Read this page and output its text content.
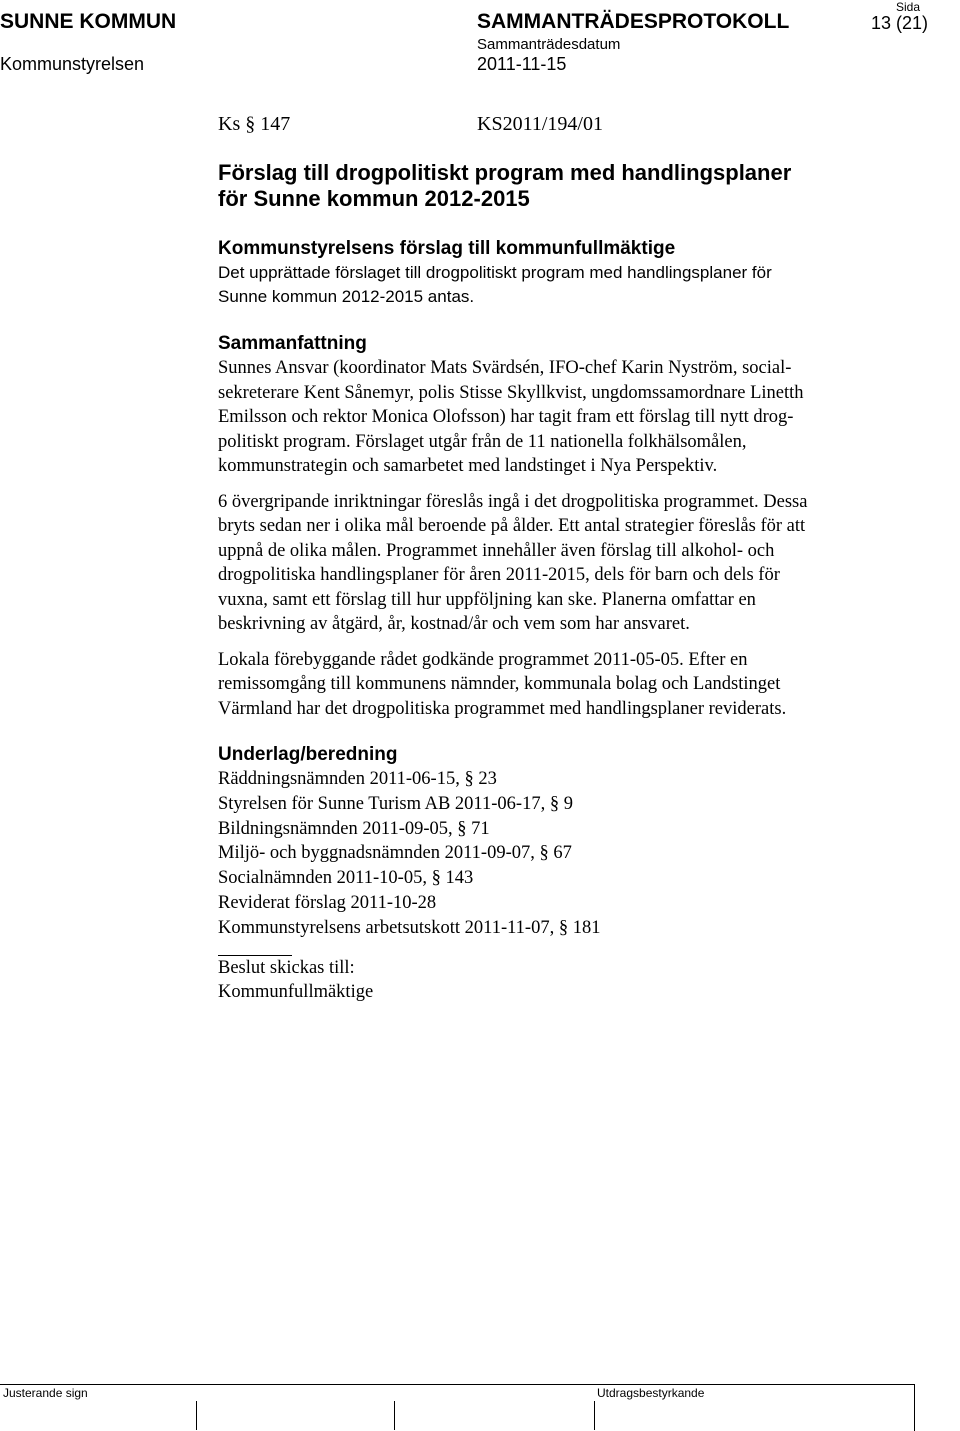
SUNNE KOMMUN
Kommunstyrelsen
SAMMANTRÄDESPROTOKOLL
Sammanträdesdatum
2011-11-15
Sida
13 (21)
Ks § 147	KS2011/194/01
Förslag till drogpolitiskt program med handlingsplaner
för Sunne kommun 2012-2015
Kommunstyrelsens förslag till kommunfullmäktige
Det upprättade förslaget till drogpolitiskt program med handlingsplaner för
Sunne kommun 2012-2015 antas.
Sammanfattning
Sunnes Ansvar (koordinator Mats Svärdsén, IFO-chef Karin Nyström, social-
sekreterare Kent Sånemyr, polis Stisse Skyllkvist, ungdomssamordnare Linetth
Emilsson och rektor Monica Olofsson) har tagit fram ett förslag till nytt drog-
politiskt program. Förslaget utgår från de 11 nationella folkhälsomålen,
kommunstrategin och samarbetet med landstinget i Nya Perspektiv.
6 övergripande inriktningar föreslås ingå i det drogpolitiska programmet. Dessa
bryts sedan ner i olika mål beroende på ålder. Ett antal strategier föreslås för att
uppnå de olika målen. Programmet innehåller även förslag till alkohol- och
drogpolitiska handlingsplaner för åren 2011-2015, dels för barn och dels för
vuxna, samt ett förslag till hur uppföljning kan ske. Planerna omfattar en
beskrivning av åtgärd, år, kostnad/år och vem som har ansvaret.
Lokala förebyggande rådet godkände programmet 2011-05-05. Efter en
remissomgång till kommunens nämnder, kommunala bolag och Landstinget
Värmland har det drogpolitiska programmet med handlingsplaner reviderats.
Underlag/beredning
Räddningsnämnden 2011-06-15, § 23
Styrelsen för Sunne Turism AB 2011-06-17, § 9
Bildningsnämnden 2011-09-05, § 71
Miljö- och byggnadsnämnden 2011-09-07, § 67
Socialnämnden 2011-10-05, § 143
Reviderat förslag 2011-10-28
Kommunstyrelsens arbetsutskott 2011-11-07, § 181
Beslut skickas till:
Kommunfullmäktige
Justerande sign	Utdragsbestyrkande
